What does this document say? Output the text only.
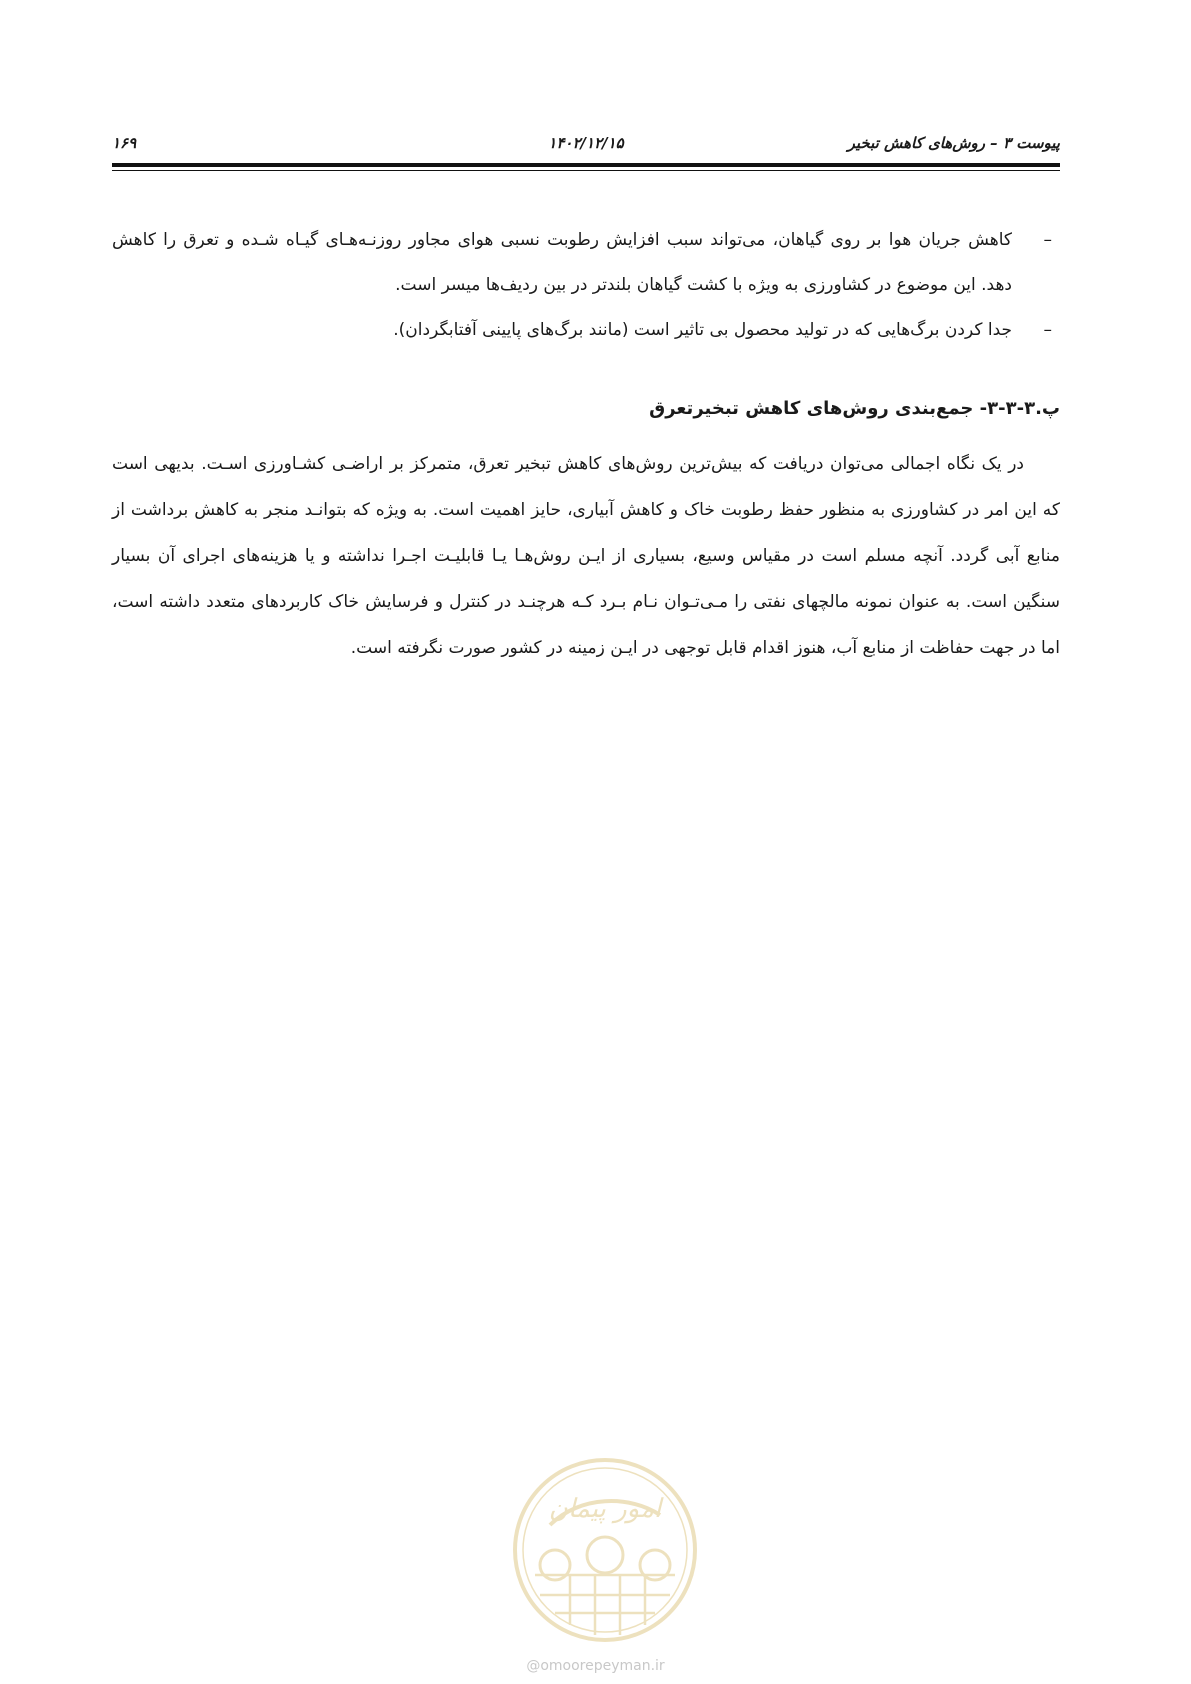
پیوست ۳ – روش‌های کاهش تبخیر
۱۴۰۲/۱۲/۱۵
۱۶۹
–
کاهش جریان هوا بر روی گیاهان، می‌تواند سبب افزایش رطوبت نسبی هوای مجاور روزنـه‌هـای گیـاه شـده و تعرق را کاهش دهد. این موضوع در کشاورزی به ویژه با کشت گیاهان بلندتر در بین ردیف‌ها میسر است.
–
جدا کردن برگ‌هایی که در تولید محصول بی تاثیر است (مانند برگ‌های پایینی آفتابگردان).
پ.۳-۳-۳- جمع‌بندی روش‌های کاهش تبخیرتعرق

در یک نگاه اجمالی می‌توان دریافت که بیش‌ترین روش‌های کاهش تبخیر تعرق، متمرکز بر اراضـی کشـاورزی اسـت. بدیهی است که این امر در کشاورزی به منظور حفظ رطوبت خاک و کاهش آبیاری، حایز اهمیت است. به ویژه که بتوانـد منجر به کاهش برداشت از منابع آبی گردد. آنچه مسلم است در مقیاس وسیع، بسیاری از ایـن روش‌هـا یـا قابلیـت اجـرا نداشته و یا هزینه‌های اجرای آن بسیار سنگین است. به عنوان نمونه مالچهای نفتی را مـی‌تـوان نـام بـرد کـه هرچنـد در کنترل و فرسایش خاک کاربردهای متعدد داشته است، اما در جهت حفاظت از منابع آب، هنوز اقدام قابل توجهی در ایـن زمینه در کشور صورت نگرفته است.

امور پیمان
@omoorepeyman.ir
